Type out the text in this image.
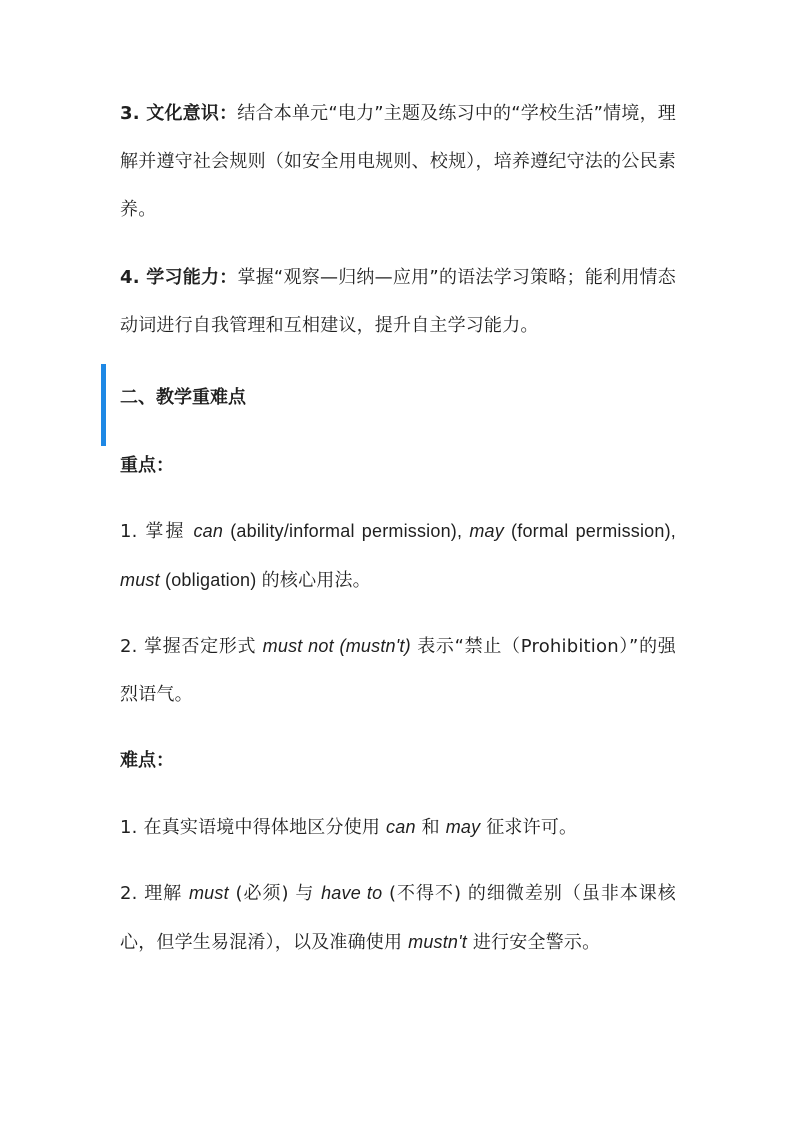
3. 文化意识：结合本单元“电力”主题及练习中的“学校生活”情境，理解并遵守社会规则（如安全用电规则、校规），培养遵纪守法的公民素养。

4. 学习能力：掌握“观察—归纳—应用”的语法学习策略；能利用情态动词进行自我管理和互相建议，提升自主学习能力。

二、教学重难点

重点：

1. 掌握 can (ability/informal permission), may (formal permission), must (obligation) 的核心用法。

2. 掌握否定形式 must not (mustn't) 表示“禁止（Prohibition）”的强烈语气。

难点：

1. 在真实语境中得体地区分使用 can 和 may 征求许可。

2. 理解 must (必须) 与 have to (不得不) 的细微差别（虽非本课核心，但学生易混淆），以及准确使用 mustn't 进行安全警示。
